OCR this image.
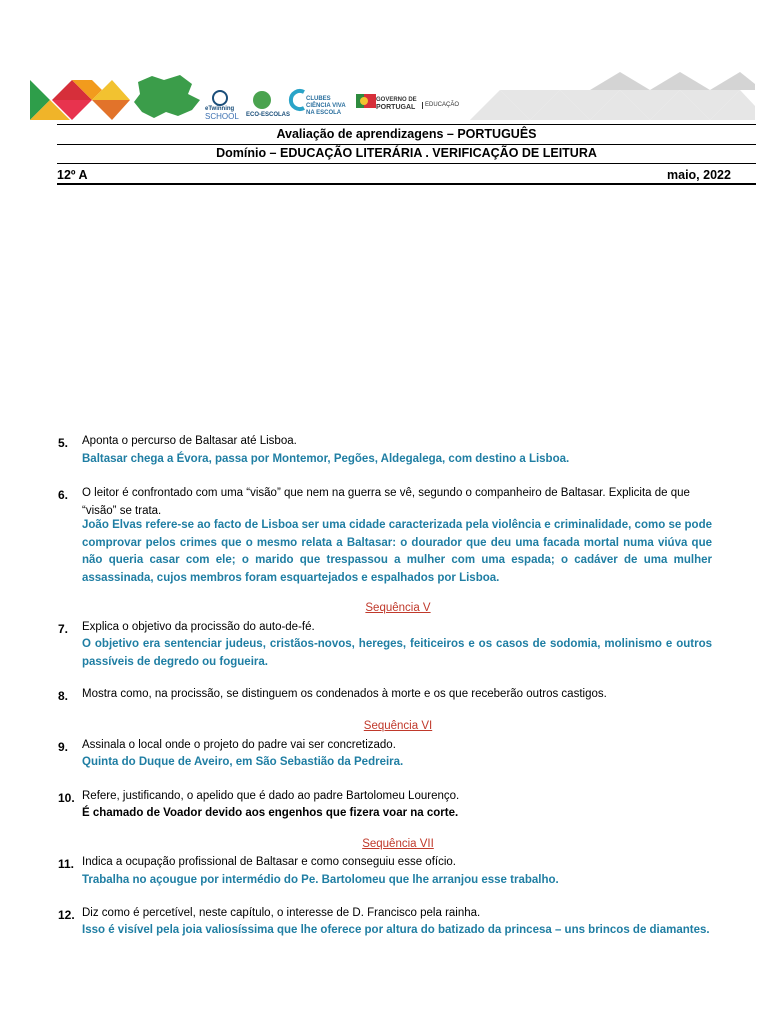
eTwinning
SCHOOL ECO-ESCOLAS
CLUBES
CIÊNCIA VIVA
NA ESCOLA
GOVERNO DE
PORTUGAL	EDUCAÇÃO
Avaliação de aprendizagens – PORTUGUÊS
Domínio – EDUCAÇÃO LITERÁRIA . VERIFICAÇÃO DE LEITURA
12º A	maio, 2022
5. Aponta o percurso de Baltasar até Lisboa.
Baltasar chega a Évora, passa por Montemor, Pegões, Aldegalega, com destino a Lisboa.
6. O leitor é confrontado com uma “visão” que nem na guerra se vê, segundo o companheiro de Baltasar. Explicita de que “visão” se trata.
João Elvas refere-se ao facto de Lisboa ser uma cidade caracterizada pela violência e criminalidade, como se pode comprovar pelos crimes que o mesmo relata a Baltasar: o dourador que deu uma facada mortal numa viúva que não queria casar com ele; o marido que trespassou a mulher com uma espada; o cadáver de uma mulher assassinada, cujos membros foram esquartejados e espalhados por Lisboa.
Sequência V
7. Explica o objetivo da procissão do auto-de-fé.
O objetivo era sentenciar judeus, cristãos-novos, hereges, feiticeiros e os casos de sodomia, molinismo e outros passíveis de degredo ou fogueira.
8. Mostra como, na procissão, se distinguem os condenados à morte e os que receberão outros castigos.
Sequência VI
9. Assinala o local onde o projeto do padre vai ser concretizado.
Quinta do Duque de Aveiro, em São Sebastião da Pedreira.
10. Refere, justificando, o apelido que é dado ao padre Bartolomeu Lourenço.
É chamado de Voador devido aos engenhos que fizera voar na corte.
Sequência VII
11. Indica a ocupação profissional de Baltasar e como conseguiu esse ofício.
Trabalha no açougue por intermédio do Pe. Bartolomeu que lhe arranjou esse trabalho.
12. Diz como é percetível, neste capítulo, o interesse de D. Francisco pela rainha.
Isso é visível pela joia valiosíssima que lhe oferece por altura do batizado da princesa – uns brincos de diamantes.
